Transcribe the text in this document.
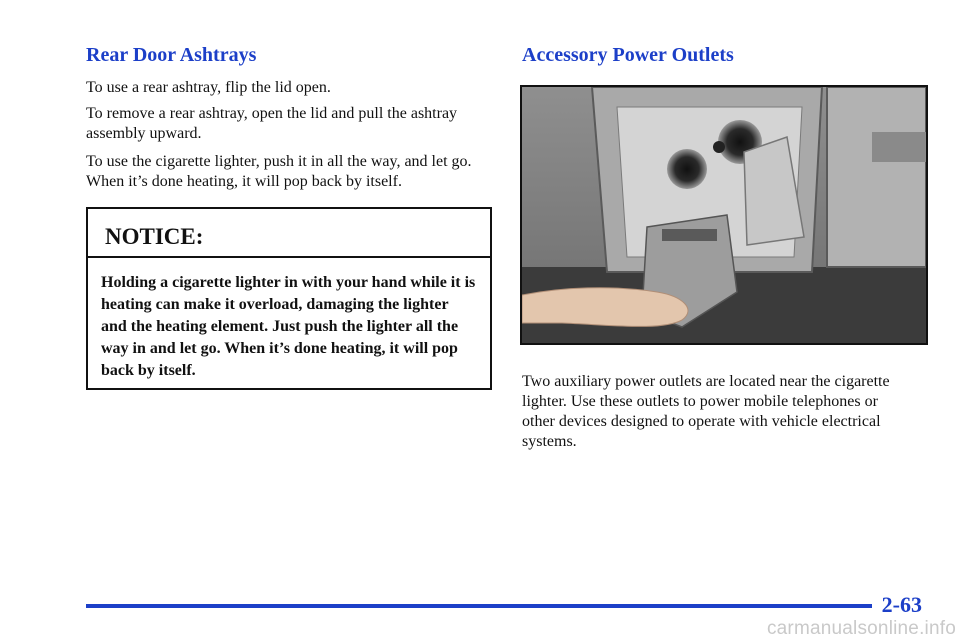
Rear Door Ashtrays

To use a rear ashtray, flip the lid open.

To remove a rear ashtray, open the lid and pull the ashtray assembly upward.

To use the cigarette lighter, push it in all the way, and let go. When it’s done heating, it will pop back by itself.

NOTICE:
Holding a cigarette lighter in with your hand while it is heating can make it overload, damaging the lighter and the heating element. Just push the lighter all the way in and let go. When it’s done heating, it will pop back by itself.
Accessory Power Outlets

Two auxiliary power outlets are located near the cigarette lighter. Use these outlets to power mobile telephones or other devices designed to operate with vehicle electrical systems.

2-63
carmanualsonline.info
